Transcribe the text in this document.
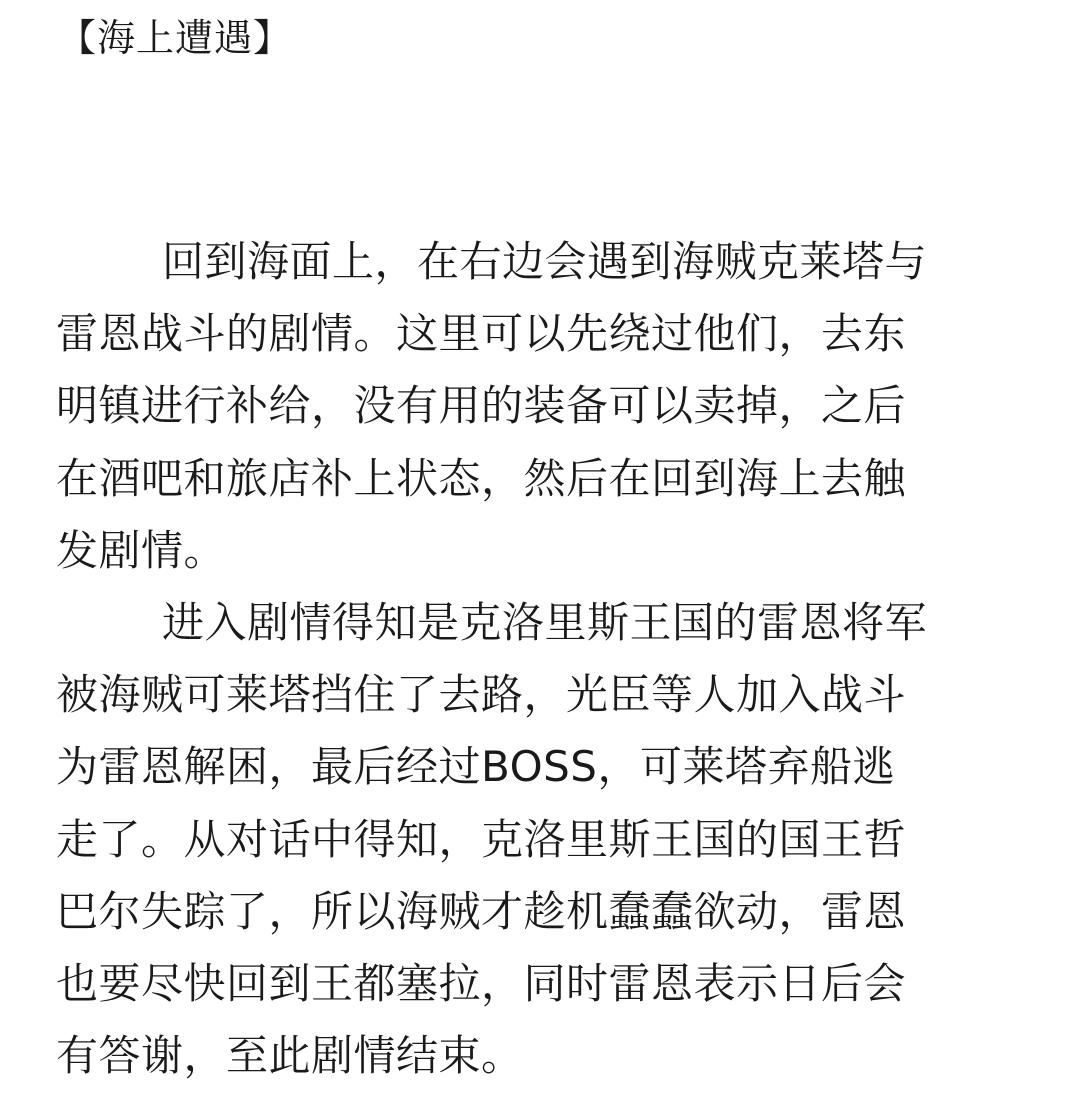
【海上遭遇】
回到海面上，在右边会遇到海贼克莱塔与
雷恩战斗的剧情。这里可以先绕过他们，去东
明镇进行补给，没有用的装备可以卖掉，之后
在酒吧和旅店补上状态，然后在回到海上去触
发剧情。
进入剧情得知是克洛里斯王国的雷恩将军
被海贼可莱塔挡住了去路，光臣等人加入战斗
为雷恩解困，最后经过BOSS，可莱塔弃船逃
走了。从对话中得知，克洛里斯王国的国王哲
巴尔失踪了，所以海贼才趁机蠢蠢欲动，雷恩
也要尽快回到王都塞拉，同时雷恩表示日后会
有答谢，至此剧情结束。
